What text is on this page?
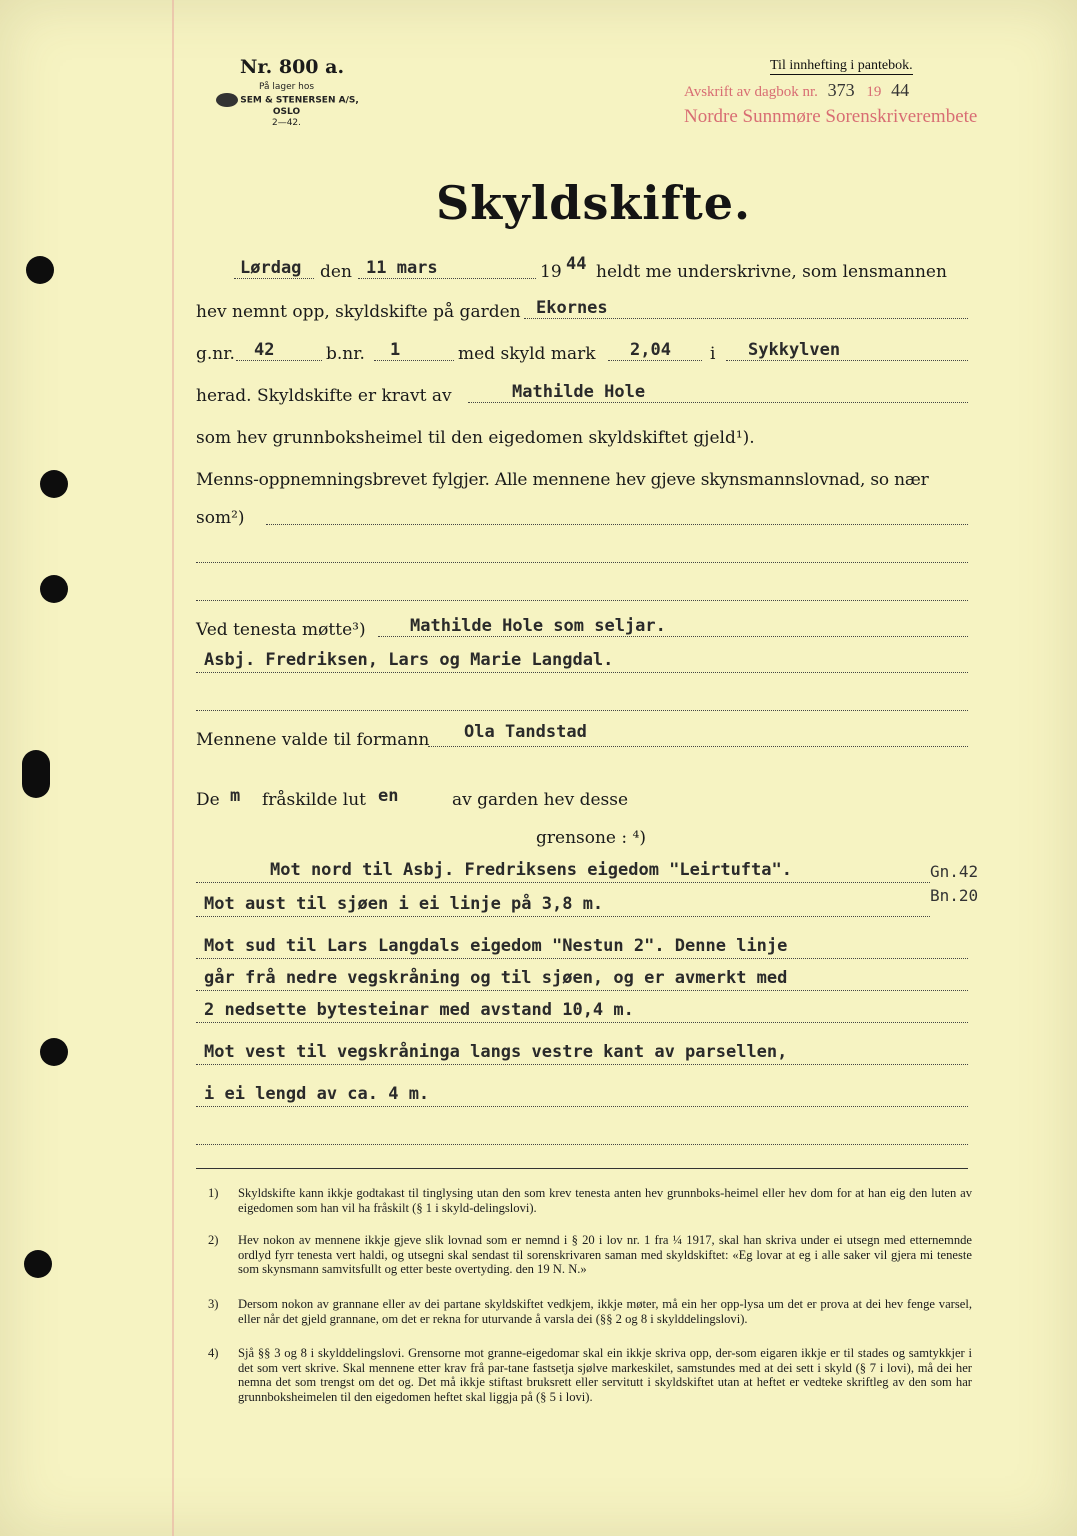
Nr. 800 a.
På lager hos
SEM & STENERSEN A/S, OSLO
2—42.
Til innhefting i pantebok.
Avskrift av dagbok nr. 373 19 44
Nordre Sunnmøre Sorenskriverembete
Skyldskifte.
Lørdag den 11 mars	19 44 heldt me underskrivne, som lensmannen
hev nemnt opp, skyldskifte på garden Ekornes
g.nr. 42	b.nr. 1	med skyld mark 2,04 i Sykkylven
herad. Skyldskifte er kravt av	Mathilde Hole
som hev grunnboksheimel til den eigedomen skyldskiftet gjeld¹).
Menns-oppnemningsbrevet fylgjer. Alle mennene hev gjeve skynsmannslovnad, so nær
som²)
Ved tenesta møtte³)	Mathilde Hole som seljar.
Asbj. Fredriksen, Lars og Marie Langdal.
Mennene valde til formann Ola Tandstad
De m fråskilde lut en	av garden hev desse
grensone : ⁴)
Mot nord til Asbj. Fredriksens eigedom "Leirtufta".	Gn.42
Mot aust til sjøen i ei linje på 3,8 m.	Bn.20
Mot sud til Lars Langdals eigedom "Nestun 2". Denne linje
går frå nedre vegskråning og til sjøen, og er avmerkt med
2 nedsette bytesteinar med avstand 10,4 m.
Mot vest til vegskråninga langs vestre kant av parsellen,
i ei lengd av ca. 4 m.
1) Skyldskifte kann ikkje godtakast til tinglysing utan den som krev tenesta anten hev grunnboks-heimel eller hev dom for at han eig den luten av eigedomen som han vil ha fråskilt (§ 1 i skyld-delingslovi).
2) Hev nokon av mennene ikkje gjeve slik lovnad som er nemnd i § 20 i lov nr. 1 fra ¼ 1917, skal han skriva under ei utsegn med etternemnde ordlyd fyrr tenesta vert haldi, og utsegni skal sendast til sorenskrivaren saman med skyldskiftet: «Eg lovar at eg i alle saker vil gjera mi teneste som skynsmann samvitsfullt og etter beste overtyding. den 19 N. N.»
3) Dersom nokon av grannane eller av dei partane skyldskiftet vedkjem, ikkje møter, må ein her opp-lysa um det er prova at dei hev fenge varsel, eller når det gjeld grannane, om det er rekna for uturvande å varsla dei (§§ 2 og 8 i skylddelingslovi).
4) Sjå §§ 3 og 8 i skylddelingslovi. Grensorne mot granne-eigedomar skal ein ikkje skriva opp, der-som eigaren ikkje er til stades og samtykkjer i det som vert skrive. Skal mennene etter krav frå par-tane fastsetja sjølve markeskilet, samstundes med at dei sett i skyld (§ 7 i lovi), må dei her nemna det som trengst om det og. Det må ikkje stiftast bruksrett eller servitutt i skyldskiftet utan at heftet er vedteke skriftleg av den som har grunnboksheimelen til den eigedomen heftet skal liggja på (§ 5 i lovi).
